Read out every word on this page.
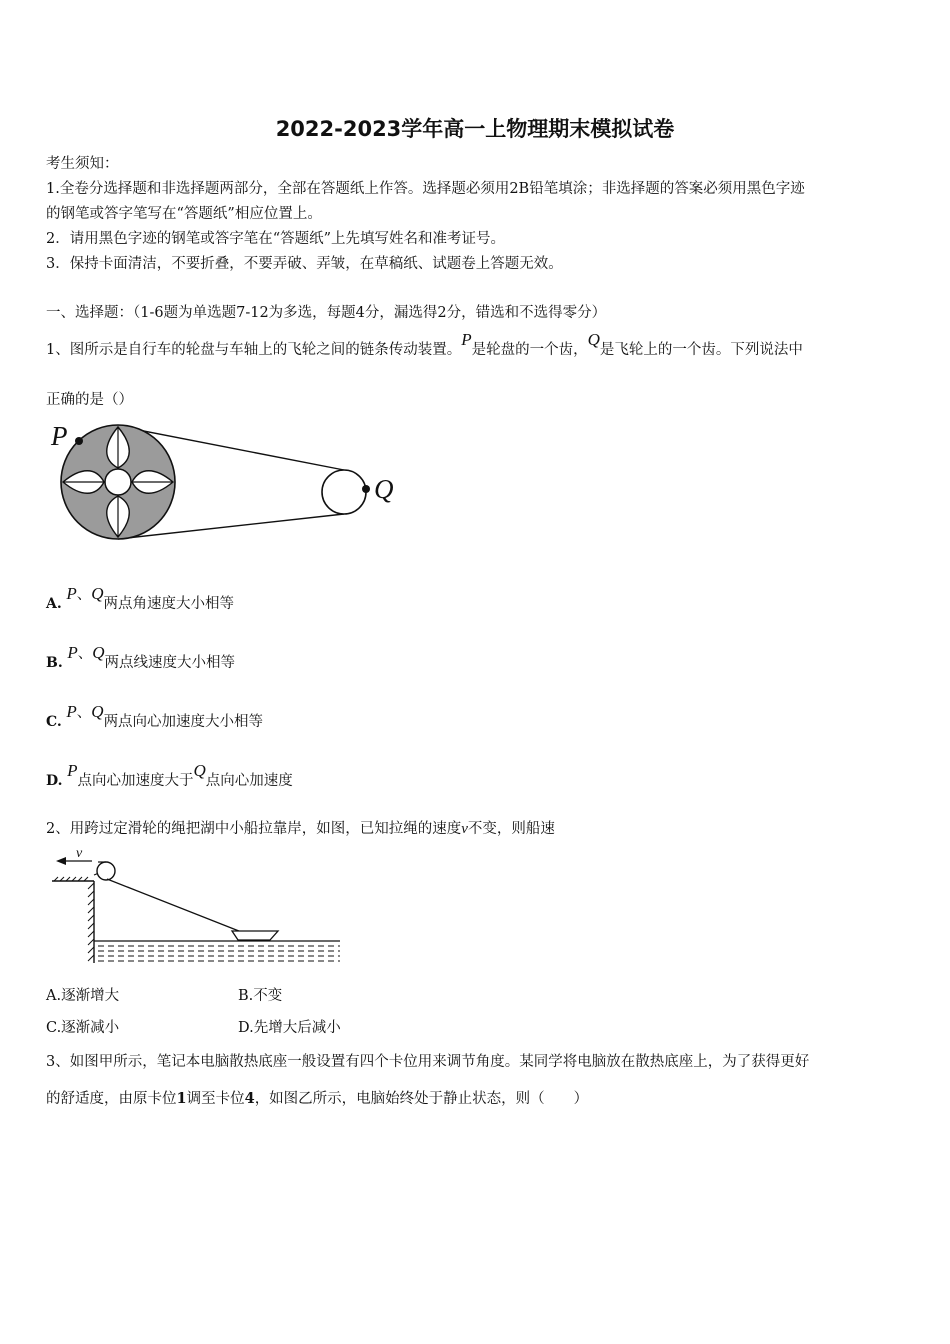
2022-2023学年高一上物理期末模拟试卷
考生须知：
1.全卷分选择题和非选择题两部分，全部在答题纸上作答。选择题必须用2B铅笔填涂；非选择题的答案必须用黑色字迹
的钢笔或答字笔写在“答题纸”相应位置上。
2．请用黑色字迹的钢笔或答字笔在“答题纸”上先填写姓名和准考证号。
3．保持卡面清洁，不要折叠，不要弄破、弄皱，在草稿纸、试题卷上答题无效。
一、选择题：（1-6题为单选题7-12为多选，每题4分，漏选得2分，错选和不选得零分）
1、图所示是自行车的轮盘与车轴上的飞轮之间的链条传动装置。P是轮盘的一个齿，Q是飞轮上的一个齿。下列说法中
正确的是（）
P
Q
A. P、Q两点角速度大小相等
B. P、Q两点线速度大小相等
C. P、Q两点向心加速度大小相等
D. P点向心加速度大于Q点向心加速度
2、用跨过定滑轮的绳把湖中小船拉靠岸，如图，已知拉绳的速度v不变，则船速
v
A.逐渐增大	B.不变
C.逐渐减小	D.先增大后减小
3、如图甲所示，笔记本电脑散热底座一般设置有四个卡位用来调节角度。某同学将电脑放在散热底座上，为了获得更好
的舒适度，由原卡位1调至卡位4，如图乙所示，电脑始终处于静止状态，则（　　）
